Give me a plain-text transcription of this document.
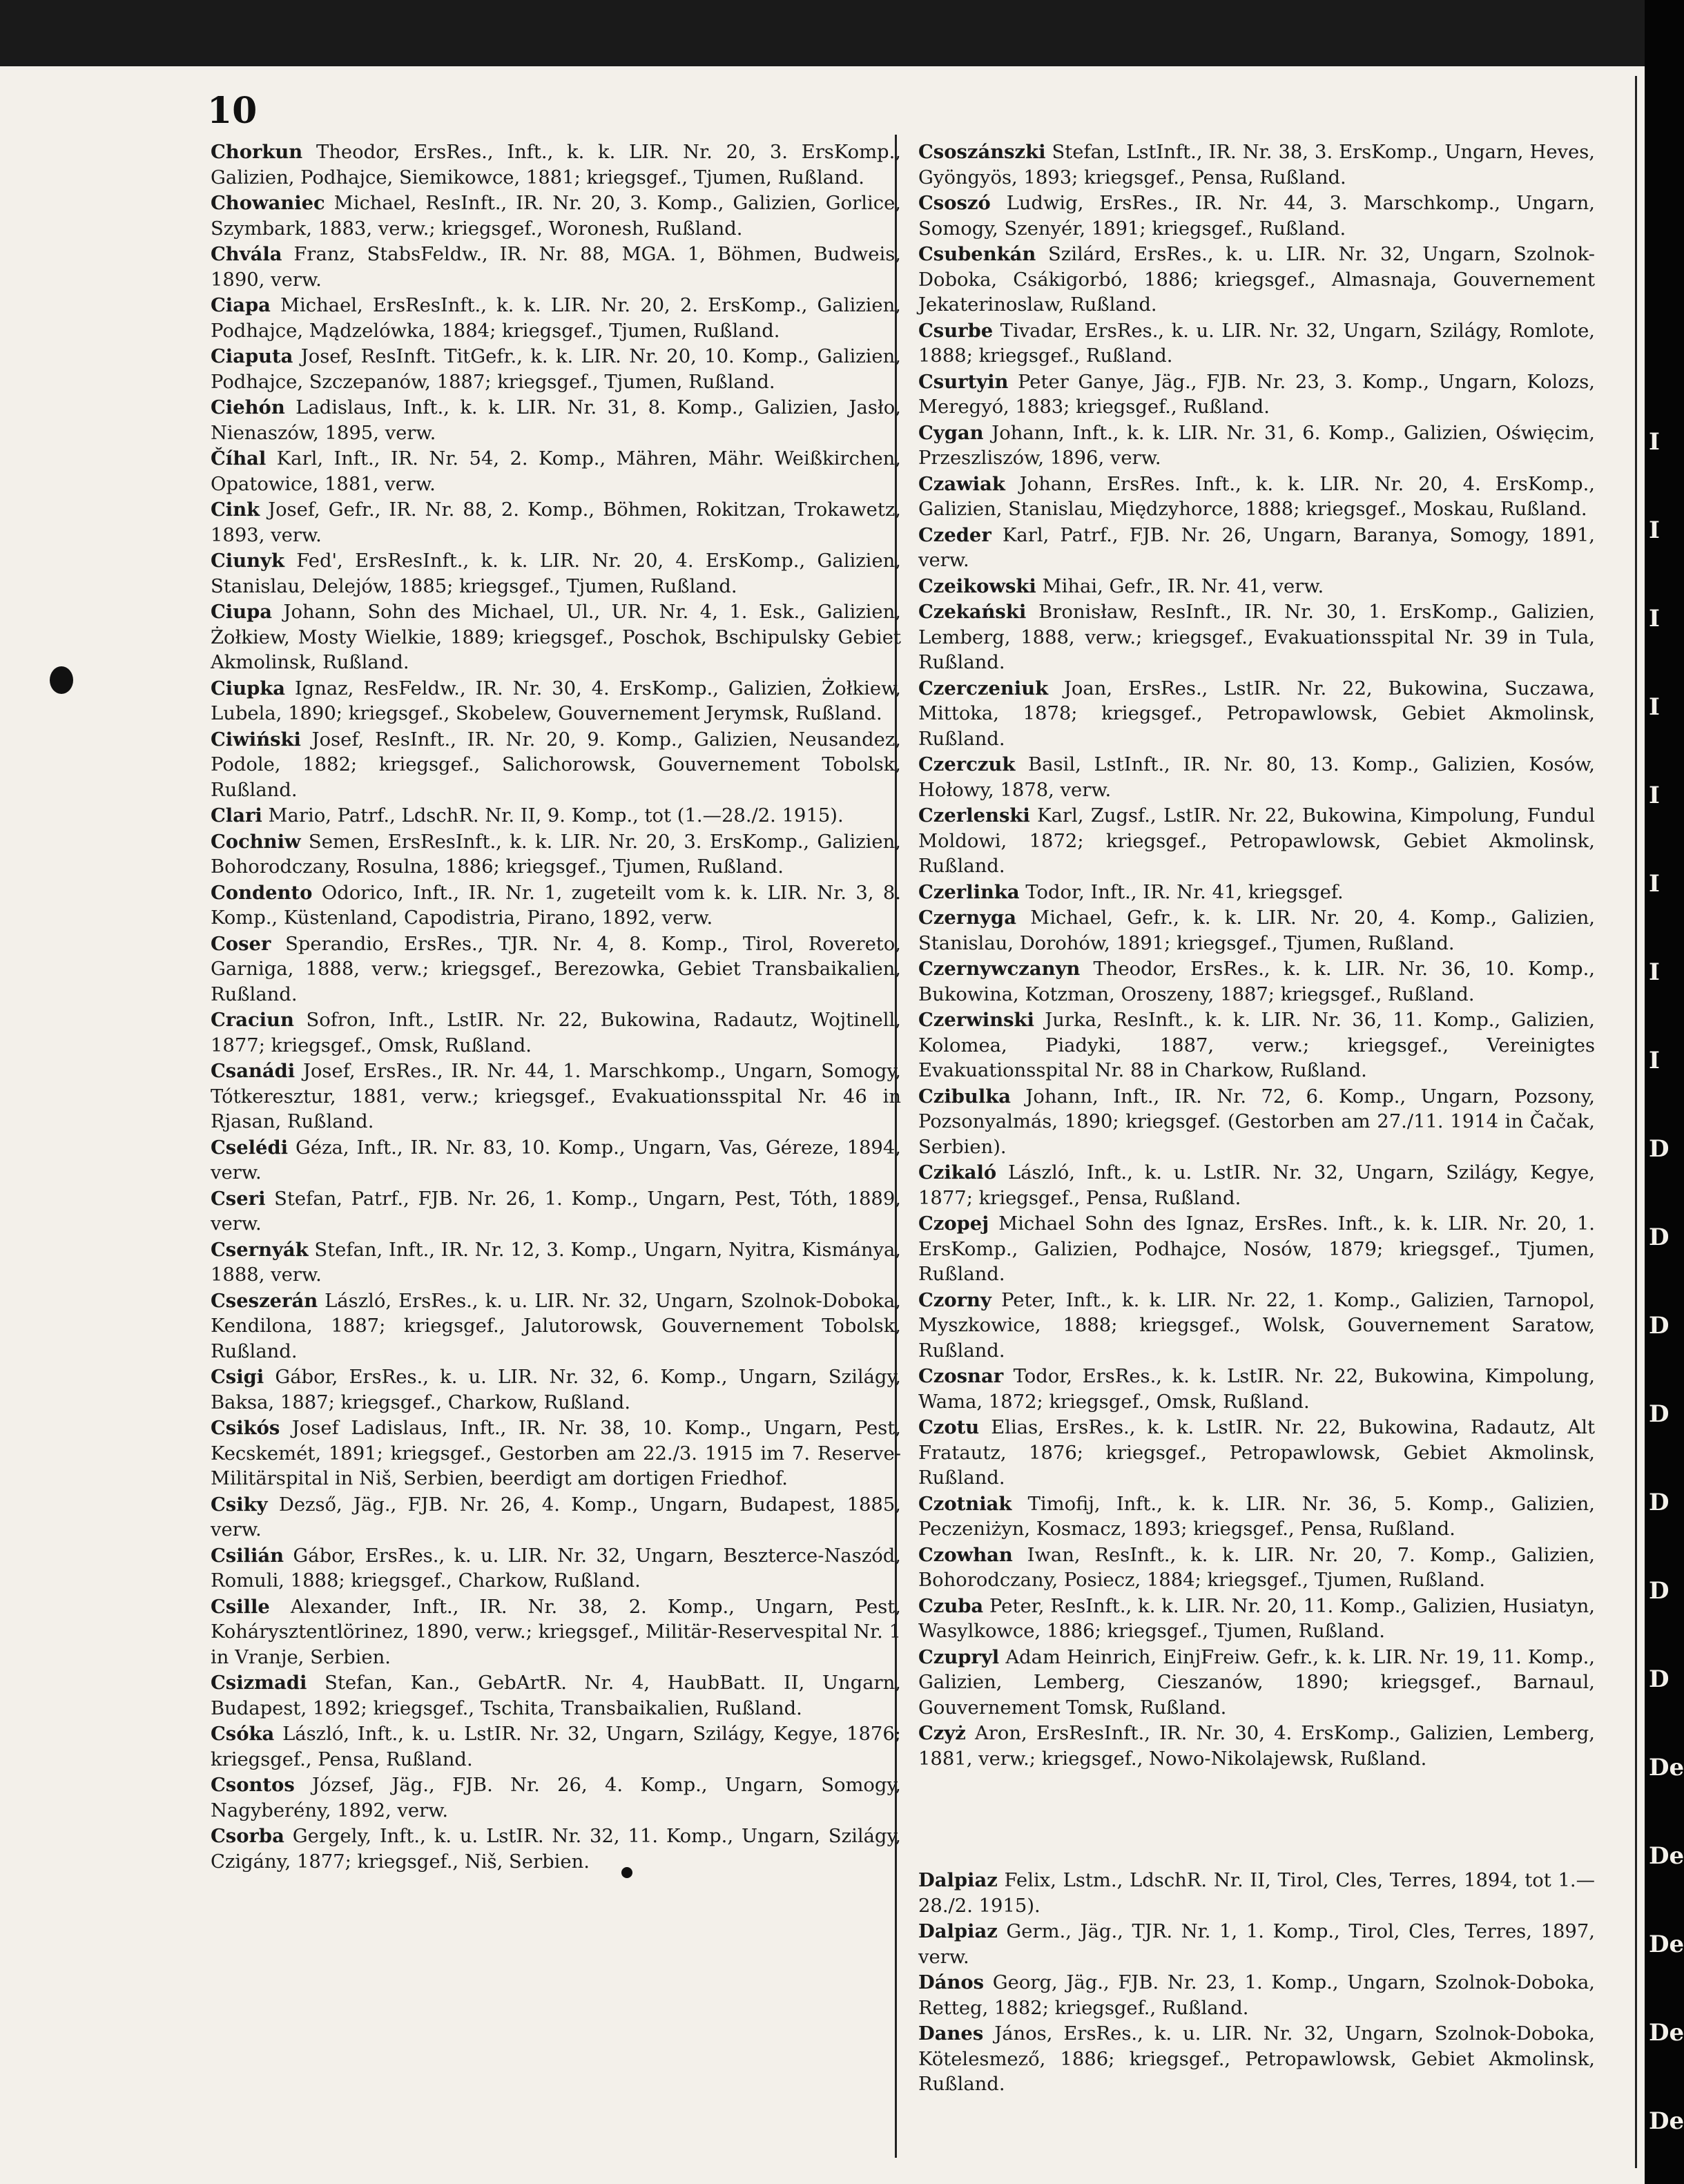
10
Chorkun Theodor, ErsRes., Inft., k. k. LIR. Nr. 20, 3. ErsKomp., Galizien, Podhajce, Siemikowce, 1881; kriegsgef., Tjumen, Rußland.
Chowaniec Michael, ResInft., IR. Nr. 20, 3. Komp., Galizien, Gorlice, Szymbark, 1883, verw.; kriegsgef., Woronesh, Rußland.
Chvála Franz, StabsFeldw., IR. Nr. 88, MGA. 1, Böhmen, Budweis, 1890, verw.
Ciapa Michael, ErsResInft., k. k. LIR. Nr. 20, 2. ErsKomp., Galizien, Podhajce, Mądzelówka, 1884; kriegsgef., Tjumen, Rußland.
Ciaputa Josef, ResInft. TitGefr., k. k. LIR. Nr. 20, 10. Komp., Galizien, Podhajce, Szczepanów, 1887; kriegsgef., Tjumen, Rußland.
Ciehón Ladislaus, Inft., k. k. LIR. Nr. 31, 8. Komp., Galizien, Jasło, Nienaszów, 1895, verw.
Číhal Karl, Inft., IR. Nr. 54, 2. Komp., Mähren, Mähr. Weißkirchen, Opatowice, 1881, verw.
Cink Josef, Gefr., IR. Nr. 88, 2. Komp., Böhmen, Rokitzan, Trokawetz, 1893, verw.
Ciunyk Fed', ErsResInft., k. k. LIR. Nr. 20, 4. ErsKomp., Galizien, Stanislau, Delejów, 1885; kriegsgef., Tjumen, Rußland.
Ciupa Johann, Sohn des Michael, Ul., UR. Nr. 4, 1. Esk., Galizien, Żołkiew, Mosty Wielkie, 1889; kriegsgef., Poschok, Bschipulsky Gebiet Akmolinsk, Rußland.
Ciupka Ignaz, ResFeldw., IR. Nr. 30, 4. ErsKomp., Galizien, Żołkiew, Lubela, 1890; kriegsgef., Skobelew, Gouvernement Jerymsk, Rußland.
Ciwiński Josef, ResInft., IR. Nr. 20, 9. Komp., Galizien, Neusandez, Podole, 1882; kriegsgef., Salichorowsk, Gouvernement Tobolsk, Rußland.
Clari Mario, Patrf., LdschR. Nr. II, 9. Komp., tot (1.—28./2. 1915).
Cochniw Semen, ErsResInft., k. k. LIR. Nr. 20, 3. ErsKomp., Galizien, Bohorodczany, Rosulna, 1886; kriegsgef., Tjumen, Rußland.
Condento Odorico, Inft., IR. Nr. 1, zugeteilt vom k. k. LIR. Nr. 3, 8. Komp., Küstenland, Capodistria, Pirano, 1892, verw.
Coser Sperandio, ErsRes., TJR. Nr. 4, 8. Komp., Tirol, Rovereto, Garniga, 1888, verw.; kriegsgef., Berezowka, Gebiet Transbaikalien, Rußland.
Craciun Sofron, Inft., LstIR. Nr. 22, Bukowina, Radautz, Wojtinell, 1877; kriegsgef., Omsk, Rußland.
Csanádi Josef, ErsRes., IR. Nr. 44, 1. Marschkomp., Ungarn, Somogy, Tótkeresztur, 1881, verw.; kriegsgef., Evakuationsspital Nr. 46 in Rjasan, Rußland.
Cselédi Géza, Inft., IR. Nr. 83, 10. Komp., Ungarn, Vas, Géreze, 1894, verw.
Cseri Stefan, Patrf., FJB. Nr. 26, 1. Komp., Ungarn, Pest, Tóth, 1889, verw.
Csernyák Stefan, Inft., IR. Nr. 12, 3. Komp., Ungarn, Nyitra, Kismánya, 1888, verw.
Cseszerán László, ErsRes., k. u. LIR. Nr. 32, Ungarn, Szolnok-Doboka, Kendilona, 1887; kriegsgef., Jalutorowsk, Gouvernement Tobolsk, Rußland.
Csigi Gábor, ErsRes., k. u. LIR. Nr. 32, 6. Komp., Ungarn, Szilágy, Baksa, 1887; kriegsgef., Charkow, Rußland.
Csikós Josef Ladislaus, Inft., IR. Nr. 38, 10. Komp., Ungarn, Pest, Kecskemét, 1891; kriegsgef., Gestorben am 22./3. 1915 im 7. Reserve-Militärspital in Niš, Serbien, beerdigt am dortigen Friedhof.
Csiky Dezső, Jäg., FJB. Nr. 26, 4. Komp., Ungarn, Budapest, 1885, verw.
Csilián Gábor, ErsRes., k. u. LIR. Nr. 32, Ungarn, Beszterce-Naszód, Romuli, 1888; kriegsgef., Charkow, Rußland.
Csille Alexander, Inft., IR. Nr. 38, 2. Komp., Ungarn, Pest, Kohárysztentlörinez, 1890, verw.; kriegsgef., Militär-Reservespital Nr. 1 in Vranje, Serbien.
Csizmadi Stefan, Kan., GebArtR. Nr. 4, HaubBatt. II, Ungarn, Budapest, 1892; kriegsgef., Tschita, Transbaikalien, Rußland.
Csóka László, Inft., k. u. LstIR. Nr. 32, Ungarn, Szilágy, Kegye, 1876; kriegsgef., Pensa, Rußland.
Csontos József, Jäg., FJB. Nr. 26, 4. Komp., Ungarn, Somogy, Nagyberény, 1892, verw.
Csorba Gergely, Inft., k. u. LstIR. Nr. 32, 11. Komp., Ungarn, Szilágy, Czigány, 1877; kriegsgef., Niš, Serbien.
Csoszánszki Stefan, LstInft., IR. Nr. 38, 3. ErsKomp., Ungarn, Heves, Gyöngyös, 1893; kriegsgef., Pensa, Rußland.
Csoszó Ludwig, ErsRes., IR. Nr. 44, 3. Marschkomp., Ungarn, Somogy, Szenyér, 1891; kriegsgef., Rußland.
Csubenkán Szilárd, ErsRes., k. u. LIR. Nr. 32, Ungarn, Szolnok-Doboka, Csákigorbó, 1886; kriegsgef., Almasnaja, Gouvernement Jekaterinoslaw, Rußland.
Csurbe Tivadar, ErsRes., k. u. LIR. Nr. 32, Ungarn, Szilágy, Romlote, 1888; kriegsgef., Rußland.
Csurtyin Peter Ganye, Jäg., FJB. Nr. 23, 3. Komp., Ungarn, Kolozs, Meregyó, 1883; kriegsgef., Rußland.
Cygan Johann, Inft., k. k. LIR. Nr. 31, 6. Komp., Galizien, Oświęcim, Przeszliszów, 1896, verw.
Czawiak Johann, ErsRes. Inft., k. k. LIR. Nr. 20, 4. ErsKomp., Galizien, Stanislau, Międzyhorce, 1888; kriegsgef., Moskau, Rußland.
Czeder Karl, Patrf., FJB. Nr. 26, Ungarn, Baranya, Somogy, 1891, verw.
Czeikowski Mihai, Gefr., IR. Nr. 41, verw.
Czekański Bronisław, ResInft., IR. Nr. 30, 1. ErsKomp., Galizien, Lemberg, 1888, verw.; kriegsgef., Evakuationsspital Nr. 39 in Tula, Rußland.
Czerczeniuk Joan, ErsRes., LstIR. Nr. 22, Bukowina, Suczawa, Mittoka, 1878; kriegsgef., Petropawlowsk, Gebiet Akmolinsk, Rußland.
Czerczuk Basil, LstInft., IR. Nr. 80, 13. Komp., Galizien, Kosów, Hołowy, 1878, verw.
Czerlenski Karl, Zugsf., LstIR. Nr. 22, Bukowina, Kimpolung, Fundul Moldowi, 1872; kriegsgef., Petropawlowsk, Gebiet Akmolinsk, Rußland.
Czerlinka Todor, Inft., IR. Nr. 41, kriegsgef.
Czernyga Michael, Gefr., k. k. LIR. Nr. 20, 4. Komp., Galizien, Stanislau, Dorohów, 1891; kriegsgef., Tjumen, Rußland.
Czernywczanyn Theodor, ErsRes., k. k. LIR. Nr. 36, 10. Komp., Bukowina, Kotzman, Oroszeny, 1887; kriegsgef., Rußland.
Czerwinski Jurka, ResInft., k. k. LIR. Nr. 36, 11. Komp., Galizien, Kolomea, Piadyki, 1887, verw.; kriegsgef., Vereinigtes Evakuationsspital Nr. 88 in Charkow, Rußland.
Czibulka Johann, Inft., IR. Nr. 72, 6. Komp., Ungarn, Pozsony, Pozsonyalmás, 1890; kriegsgef. (Gestorben am 27./11. 1914 in Čačak, Serbien).
Czikaló László, Inft., k. u. LstIR. Nr. 32, Ungarn, Szilágy, Kegye, 1877; kriegsgef., Pensa, Rußland.
Czopej Michael Sohn des Ignaz, ErsRes. Inft., k. k. LIR. Nr. 20, 1. ErsKomp., Galizien, Podhajce, Nosów, 1879; kriegsgef., Tjumen, Rußland.
Czorny Peter, Inft., k. k. LIR. Nr. 22, 1. Komp., Galizien, Tarnopol, Myszkowice, 1888; kriegsgef., Wolsk, Gouvernement Saratow, Rußland.
Czosnar Todor, ErsRes., k. k. LstIR. Nr. 22, Bukowina, Kimpolung, Wama, 1872; kriegsgef., Omsk, Rußland.
Czotu Elias, ErsRes., k. k. LstIR. Nr. 22, Bukowina, Radautz, Alt Fratautz, 1876; kriegsgef., Petropawlowsk, Gebiet Akmolinsk, Rußland.
Czotniak Timofij, Inft., k. k. LIR. Nr. 36, 5. Komp., Galizien, Peczeniżyn, Kosmacz, 1893; kriegsgef., Pensa, Rußland.
Czowhan Iwan, ResInft., k. k. LIR. Nr. 20, 7. Komp., Galizien, Bohorodczany, Posiecz, 1884; kriegsgef., Tjumen, Rußland.
Czuba Peter, ResInft., k. k. LIR. Nr. 20, 11. Komp., Galizien, Husiatyn, Wasylkowce, 1886; kriegsgef., Tjumen, Rußland.
Czupryl Adam Heinrich, EinjFreiw. Gefr., k. k. LIR. Nr. 19, 11. Komp., Galizien, Lemberg, Cieszanów, 1890; kriegsgef., Barnaul, Gouvernement Tomsk, Rußland.
Czyż Aron, ErsResInft., IR. Nr. 30, 4. ErsKomp., Galizien, Lemberg, 1881, verw.; kriegsgef., Nowo-Nikolajewsk, Rußland.
Dalpiaz Felix, Lstm., LdschR. Nr. II, Tirol, Cles, Terres, 1894, tot 1.—28./2. 1915).
Dalpiaz Germ., Jäg., TJR. Nr. 1, 1. Komp., Tirol, Cles, Terres, 1897, verw.
Dános Georg, Jäg., FJB. Nr. 23, 1. Komp., Ungarn, Szolnok-Doboka, Retteg, 1882; kriegsgef., Rußland.
Danes János, ErsRes., k. u. LIR. Nr. 32, Ungarn, Szolnok-Doboka, Kötelesmező, 1886; kriegsgef., Petropawlowsk, Gebiet Akmolinsk, Rußland.
I
I
I
I
I
I
I
I
D
D
D
D
D
D
D
De
De
De
De
De
